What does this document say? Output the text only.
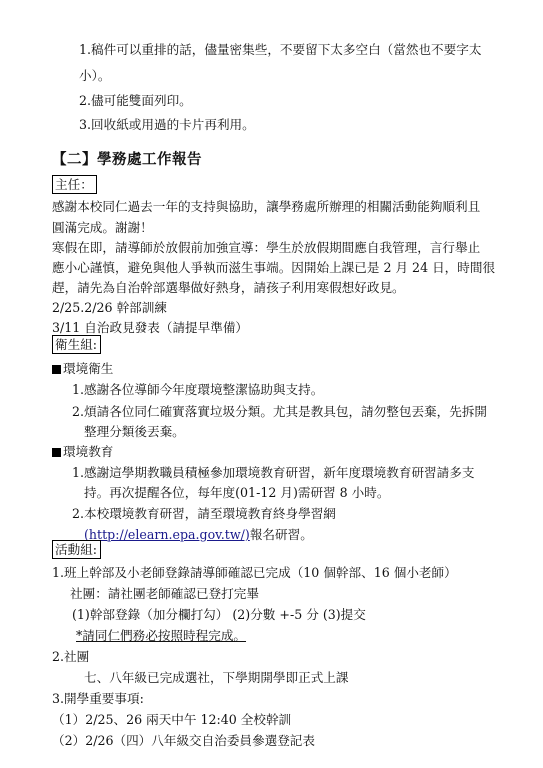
1.稿件可以重排的話，儘量密集些，不要留下太多空白（當然也不要字太
小）。
2.儘可能雙面列印。
3.回收紙或用過的卡片再利用。
【二】學務處工作報告
主任：
感謝本校同仁過去一年的支持與協助，讓學務處所辦理的相關活動能夠順利且
圓滿完成。謝謝！
寒假在即，請導師於放假前加強宣導：學生於放假期間應自我管理，言行舉止
應小心謹慎，避免與他人爭執而滋生事端。因開始上課已是 2 月 24 日，時間很
趕，請先為自治幹部選舉做好熱身，請孩子利用寒假想好政見。
2/25.2/26 幹部訓練
3/11 自治政見發表（請提早準備）
衛生組:
環境衛生
1.感謝各位導師今年度環境整潔協助與支持。
2.煩請各位同仁確實落實垃圾分類。尤其是教具包，請勿整包丟棄，先拆開
整理分類後丟棄。
環境教育
1.感謝這學期教職員積極參加環境教育研習，新年度環境教育研習請多支
持。再次提醒各位，每年度(01-12 月)需研習 8 小時。
2.本校環境教育研習，請至環境教育終身學習網
(http://elearn.epa.gov.tw/)報名研習。
活動組:
1.班上幹部及小老師登錄請導師確認已完成（10 個幹部、16 個小老師）
社團：請社團老師確認已登打完畢
(1)幹部登錄（加分欄打勾） (2)分數 +-5 分 (3)提交
*請同仁們務必按照時程完成。
2.社團
七、八年級已完成選社，下學期開學即正式上課
3.開學重要事項:
（1）2/25、26 兩天中午 12:40 全校幹訓
（2）2/26（四）八年級交自治委員參選登記表
